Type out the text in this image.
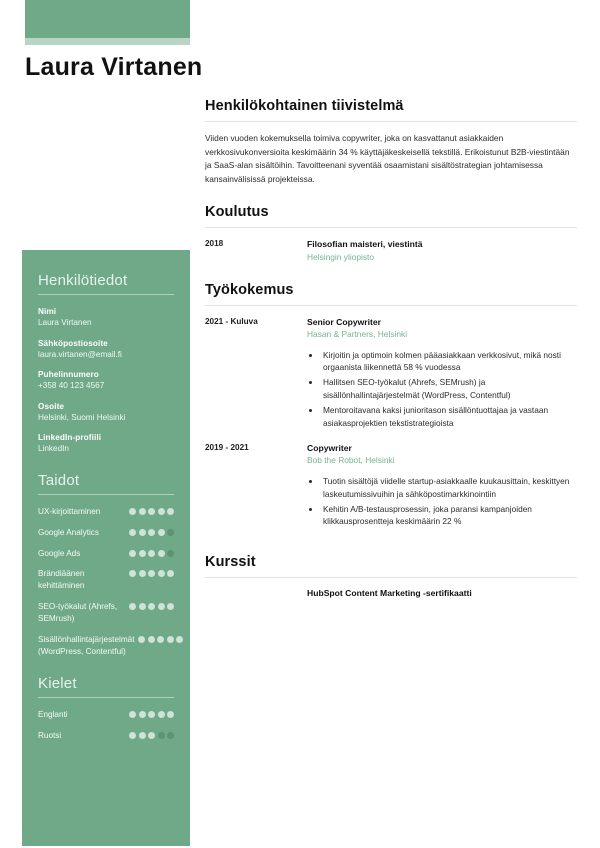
Laura Virtanen
Henkilötiedot
Nimi
Laura Virtanen
Sähköpostiosoite
laura.virtanen@email.fi
Puhelinnumero
+358 40 123 4567
Osoite
Helsinki, Suomi Helsinki
LinkedIn-profiili
LinkedIn
Taidot
UX-kirjoittaminen
Google Analytics
Google Ads
Brändiäänen kehittäminen
SEO-työkalut (Ahrefs, SEMrush)
Sisällönhallintajärjestelmät (WordPress, Contentful)
Kielet
Englanti
Ruotsi
Henkilökohtainen tiivistelmä

Viiden vuoden kokemuksella toimiva copywriter, joka on kasvattanut asiakkaiden verkkosivukonversioita keskimäärin 34 % käyttäjäkeskeisellä tekstillä. Erikoistunut B2B-viestintään ja SaaS-alan sisältöihin. Tavoitteenani syventää osaamistani sisältöstrategian johtamisessa kansainvälisissä projekteissa.

Koulutus
2018	Filosofian maisteri, viestintä
Helsingin yliopisto
Työkokemus
2021 - Kuluva	Senior Copywriter
Hasan & Partners, Helsinki
• Kirjoitin ja optimoin kolmen pääasiakkaan verkkosivut, mikä nosti orgaanista liikennettä 58 % vuodessa
• Hallitsen SEO-työkalut (Ahrefs, SEMrush) ja sisällönhallintajärjestelmät (WordPress, Contentful)
• Mentoroitavana kaksi junioritason sisällöntuottajaa ja vastaan asiakasprojektien tekstistrategioista
2019 - 2021	Copywriter
Bob the Robot, Helsinki
• Tuotin sisältöjä viidelle startup-asiakkaalle kuukausittain, keskittyen laskeutumissivuihin ja sähköpostimarkkinointiin
• Kehitin A/B-testausprosessin, joka paransi kampanjoiden klikkausprosentteja keskimäärin 22 %
Kurssit
HubSpot Content Marketing -sertifikaatti
